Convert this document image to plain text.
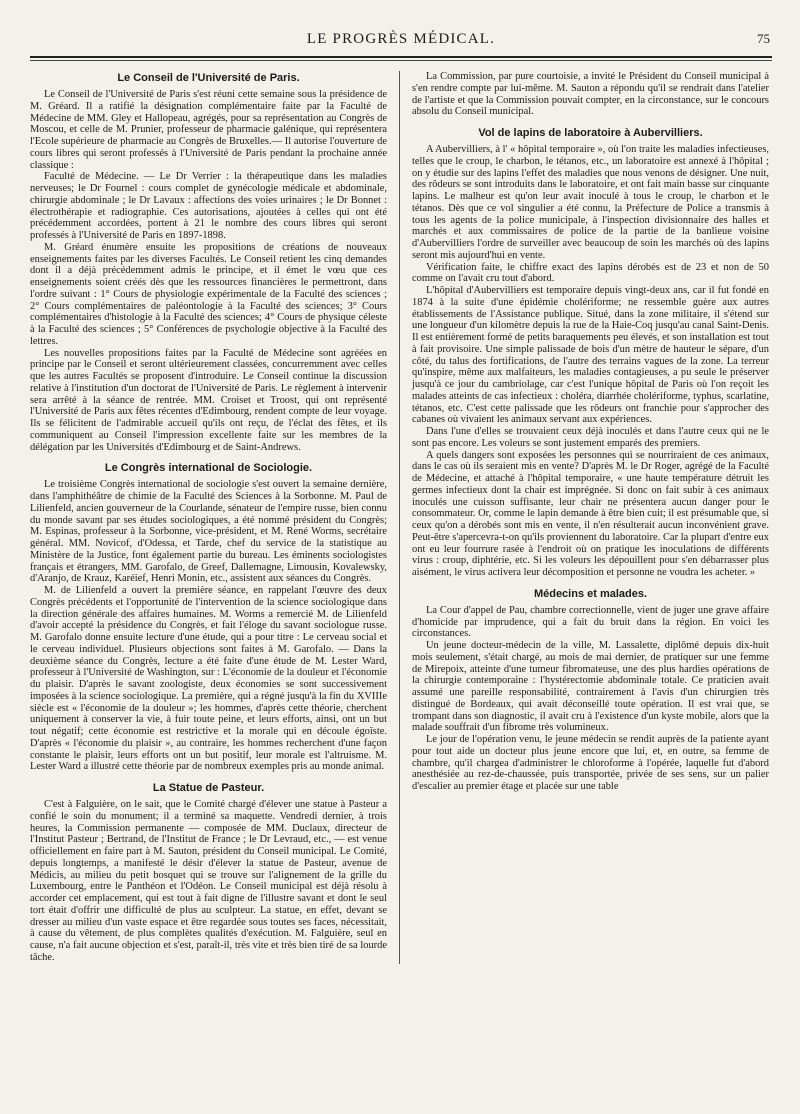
LE PROGRÈS MÉDICAL.	75
Le Conseil de l'Université de Paris.

Le Conseil de l'Université de Paris s'est réuni cette semaine sous la présidence de M. Gréard. Il a ratifié la désignation complémentaire faite par la Faculté de Médecine de MM. Gley et Hallopeau, agrégés, pour sa représentation au Congrès de Moscou, et celle de M. Prunier, professeur de pharmacie galénique, qui représentera l'Ecole supérieure de pharmacie au Congrès de Bruxelles.— Il autorise l'ouverture de cours libres qui seront professés à l'Université de Paris pendant la prochaine année classique :

Faculté de Médecine. — Le Dr Verrier : la thérapeutique dans les maladies nerveuses; le Dr Fournel : cours complet de gynécologie médicale et abdominale, chirurgie abdominale ; le Dr Lavaux : affections des voies urinaires ; le Dr Bonnet : électrothérapie et radiographie. Ces autorisations, ajoutées à celles qui ont été précédemment accordées, portent à 21 le nombre des cours libres qui seront professés à l'Université de Paris en 1897-1898.

M. Gréard énumère ensuite les propositions de créations de nouveaux enseignements faites par les diverses Facultés. Le Conseil retient les cinq demandes dont il a déjà précédemment admis le principe, et il émet le vœu que ces enseignements soient créés dès que les ressources financières le permettront, dans l'ordre suivant : 1° Cours de physiologie expérimentale de la Faculté des sciences ; 2° Cours complémentaires de paléontologie à la Faculté des sciences; 3° Cours complémentaires d'histologie à la Faculté des sciences; 4° Cours de physique céleste à la Faculté des sciences ; 5° Conférences de psychologie objective à la Faculté des lettres.

Les nouvelles propositions faites par la Faculté de Médecine sont agréées en principe par le Conseil et seront ultérieurement classées, concurremment avec celles que les autres Facultés se proposent d'introduire. Le Conseil continue la discussion relative à l'institution d'un doctorat de l'Université de Paris. Le règlement à intervenir sera arrêté à la séance de rentrée. MM. Croiset et Troost, qui ont représenté l'Université de Paris aux fêtes récentes d'Edimbourg, rendent compte de leur voyage. Ils se félicitent de l'admirable accueil qu'ils ont reçu, de l'éclat des fêtes, et ils communiquent au Conseil l'impression excellente faite sur les membres de la délégation par les Universités d'Edimbourg et de Saint-Andrews.

Le Congrès international de Sociologie.

Le troisième Congrès international de sociologie s'est ouvert la semaine dernière, dans l'amphithéâtre de chimie de la Faculté des Sciences à la Sorbonne. M. Paul de Lilienfeld, ancien gouverneur de la Courlande, sénateur de l'empire russe, bien connu du monde savant par ses études sociologiques, a été nommé président du Congrès; M. Espinas, professeur à la Sorbonne, vice-président, et M. René Worms, secrétaire général. MM. Novicof, d'Odessa, et Tarde, chef du service de la statistique au Ministère de la Justice, font également partie du bureau. Les éminents sociologistes français et étrangers, MM. Garofalo, de Greef, Dallemagne, Limousin, Kovalewsky, d'Aranjo, de Krauz, Karéief, Henri Monin, etc., assistent aux séances du Congrès.

M. de Lilienfeld a ouvert la première séance, en rappelant l'œuvre des deux Congrès précédents et l'opportunité de l'intervention de la science sociologique dans la direction générale des affaires humaines. M. Worms a remercié M. de Lilienfeld d'avoir accepté la présidence du Congrès, et fait l'éloge du savant sociologue russe. M. Garofalo donne ensuite lecture d'une étude, qui a pour titre : Le cerveau social et le cerveau individuel. Plusieurs objections sont faites à M. Garofalo. — Dans la deuxième séance du Congrès, lecture a été faite d'une étude de M. Lester Ward, professeur à l'Université de Washington, sur : L'économie de la douleur et l'économie du plaisir. D'après le savant zoologiste, deux économies se sont successivement imposées à la science sociologique. La première, qui a régné jusqu'à la fin du XVIIIe siècle est « l'économie de la douleur »; les hommes, d'après cette théorie, cherchent uniquement à conserver la vie, à fuir toute peine, et leurs efforts, ainsi, ont un but tout négatif; cette économie est restrictive et la morale qui en découle égoïste. D'après « l'économie du plaisir », au contraire, les hommes recherchent d'une façon constante le plaisir, leurs efforts ont un but positif, leur morale est l'altruisme. M. Lester Ward a illustré cette théorie par de nombreux exemples pris au monde animal.

La Statue de Pasteur.

C'est à Falguière, on le sait, que le Comité chargé d'élever une statue à Pasteur a confié le soin du monument; il a terminé sa maquette. Vendredi dernier, à trois heures, la Commission permanente — composée de MM. Duclaux, directeur de l'Institut Pasteur ; Bertrand, de l'Institut de France ; le Dr Levraud, etc., — est venue officiellement en faire part à M. Sauton, président du Conseil municipal. Le Comité, depuis longtemps, a manifesté le désir d'élever la statue de Pasteur, avenue de Médicis, au milieu du petit bosquet qui se trouve sur l'alignement de la grille du Luxembourg, entre le Panthéon et l'Odéon. Le Conseil municipal est déjà résolu à accorder cet emplacement, qui est tout à fait digne de l'illustre savant et dont le seul tort était d'offrir une difficulté de plus au sculpteur. La statue, en effet, devant se dresser au milieu d'un vaste espace et être regardée sous toutes ses faces, nécessitait, à cause du vêtement, de plus complètes qualités d'exécution. M. Falguière, seul en cause, n'a fait aucune objection et s'est, paraît-il, très vite et très bien tiré de sa lourde tâche.

La Commission, par pure courtoisie, a invité le Président du Conseil municipal à s'en rendre compte par lui-même. M. Sauton a répondu qu'il se rendrait dans l'atelier de l'artiste et que la Commission pouvait compter, en la circonstance, sur le concours absolu du Conseil municipal.

Vol de lapins de laboratoire à Aubervilliers.

A Aubervilliers, à l' « hôpital temporaire », où l'on traite les maladies infectieuses, telles que le croup, le charbon, le tétanos, etc., un laboratoire est annexé à l'hôpital ; on y étudie sur des lapins l'effet des maladies que nous venons de désigner. Une nuit, des rôdeurs se sont introduits dans le laboratoire, et ont fait main basse sur cinquante lapins. Le malheur est qu'on leur avait inoculé à tous le croup, le charbon et le tétanos. Dès que ce vol singulier a été connu, la Préfecture de Police a transmis à tous les agents de la police municipale, à l'inspection divisionnaire des halles et marchés et aux commissaires de police de la partie de la banlieue voisine d'Aubervilliers l'ordre de surveiller avec beaucoup de soin les marchés où des lapins seront mis aujourd'hui en vente.

Vérification faite, le chiffre exact des lapins dérobés est de 23 et non de 50 comme on l'avait cru tout d'abord.

L'hôpital d'Aubervilliers est temporaire depuis vingt-deux ans, car il fut fondé en 1874 à la suite d'une épidémie cholériforme; ne ressemble guère aux autres établissements de l'Assistance publique. Situé, dans la zone militaire, il s'étend sur une longueur d'un kilomètre depuis la rue de la Haie-Coq jusqu'au canal Saint-Denis. Il est entièrement formé de petits baraquements peu élevés, et son installation est tout à fait provisoire. Une simple palissade de bois d'un mètre de hauteur le sépare, d'un côté, du talus des fortifications, de l'autre des terrains vagues de la zone. La terreur qu'inspire, même aux malfaiteurs, les maladies contagieuses, a pu seule le préserver jusqu'à ce jour du cambriolage, car c'est l'unique hôpital de Paris où l'on reçoit les malades atteints de cas infectieux : choléra, diarrhée cholériforme, typhus, scarlatine, tétanos, etc. C'est cette palissade que les rôdeurs ont franchie pour s'approcher des cabanes où vivaient les animaux servant aux expériences.

Dans l'une d'elles se trouvaient ceux déjà inoculés et dans l'autre ceux qui ne le sont pas encore. Les voleurs se sont justement emparés des premiers.

A quels dangers sont exposées les personnes qui se nourriraient de ces animaux, dans le cas où ils seraient mis en vente? D'après M. le Dr Roger, agrégé de la Faculté de Médecine, et attaché à l'hôpital temporaire, « une haute température détruit les germes infectieux dont la chair est imprégnée. Si donc on fait subir à ces animaux inoculés une cuisson suffisante, leur chair ne présentera aucun danger pour le consommateur. Or, comme le lapin demande à être bien cuit; il est présumable que, si ceux qu'on a dérobés sont mis en vente, il n'en résulterait aucun inconvénient grave. Peut-être s'apercevra-t-on qu'ils proviennent du laboratoire. Car la plupart d'entre eux ont eu leur fourrure rasée à l'endroit où on pratique les inoculations de différents virus : croup, diphtérie, etc. Si les voleurs les dépouillent pour s'en débarrasser plus aisément, le virus activera leur décomposition et personne ne voudra les acheter. »

Médecins et malades.

La Cour d'appel de Pau, chambre correctionnelle, vient de juger une grave affaire d'homicide par imprudence, qui a fait du bruit dans la région. En voici les circonstances.

Un jeune docteur-médecin de la ville, M. Lassalette, diplômé depuis dix-huit mois seulement, s'était chargé, au mois de mai dernier, de pratiquer sur une femme de Mirepoix, atteinte d'une tumeur fibromateuse, une des plus hardies opérations de la chirurgie contemporaine : l'hystérectomie abdominale totale. Ce praticien avait assumé une pareille responsabilité, contrairement à l'avis d'un chirurgien très distingué de Bordeaux, qui avait déconseillé toute opération. Il est vrai que, se trompant dans son diagnostic, il avait cru à l'existence d'un kyste mobile, alors que la malade souffrait d'un fibrome très volumineux.

Le jour de l'opération venu, le jeune médecin se rendit auprès de la patiente ayant pour tout aide un docteur plus jeune encore que lui, et, en outre, sa femme de chambre, qu'il chargea d'administrer le chloroforme à l'opérée, laquelle fut d'abord anesthésiée au rez-de-chaussée, puis transportée, privée de ses sens, sur un palier d'escalier au premier étage et placée sur une table
